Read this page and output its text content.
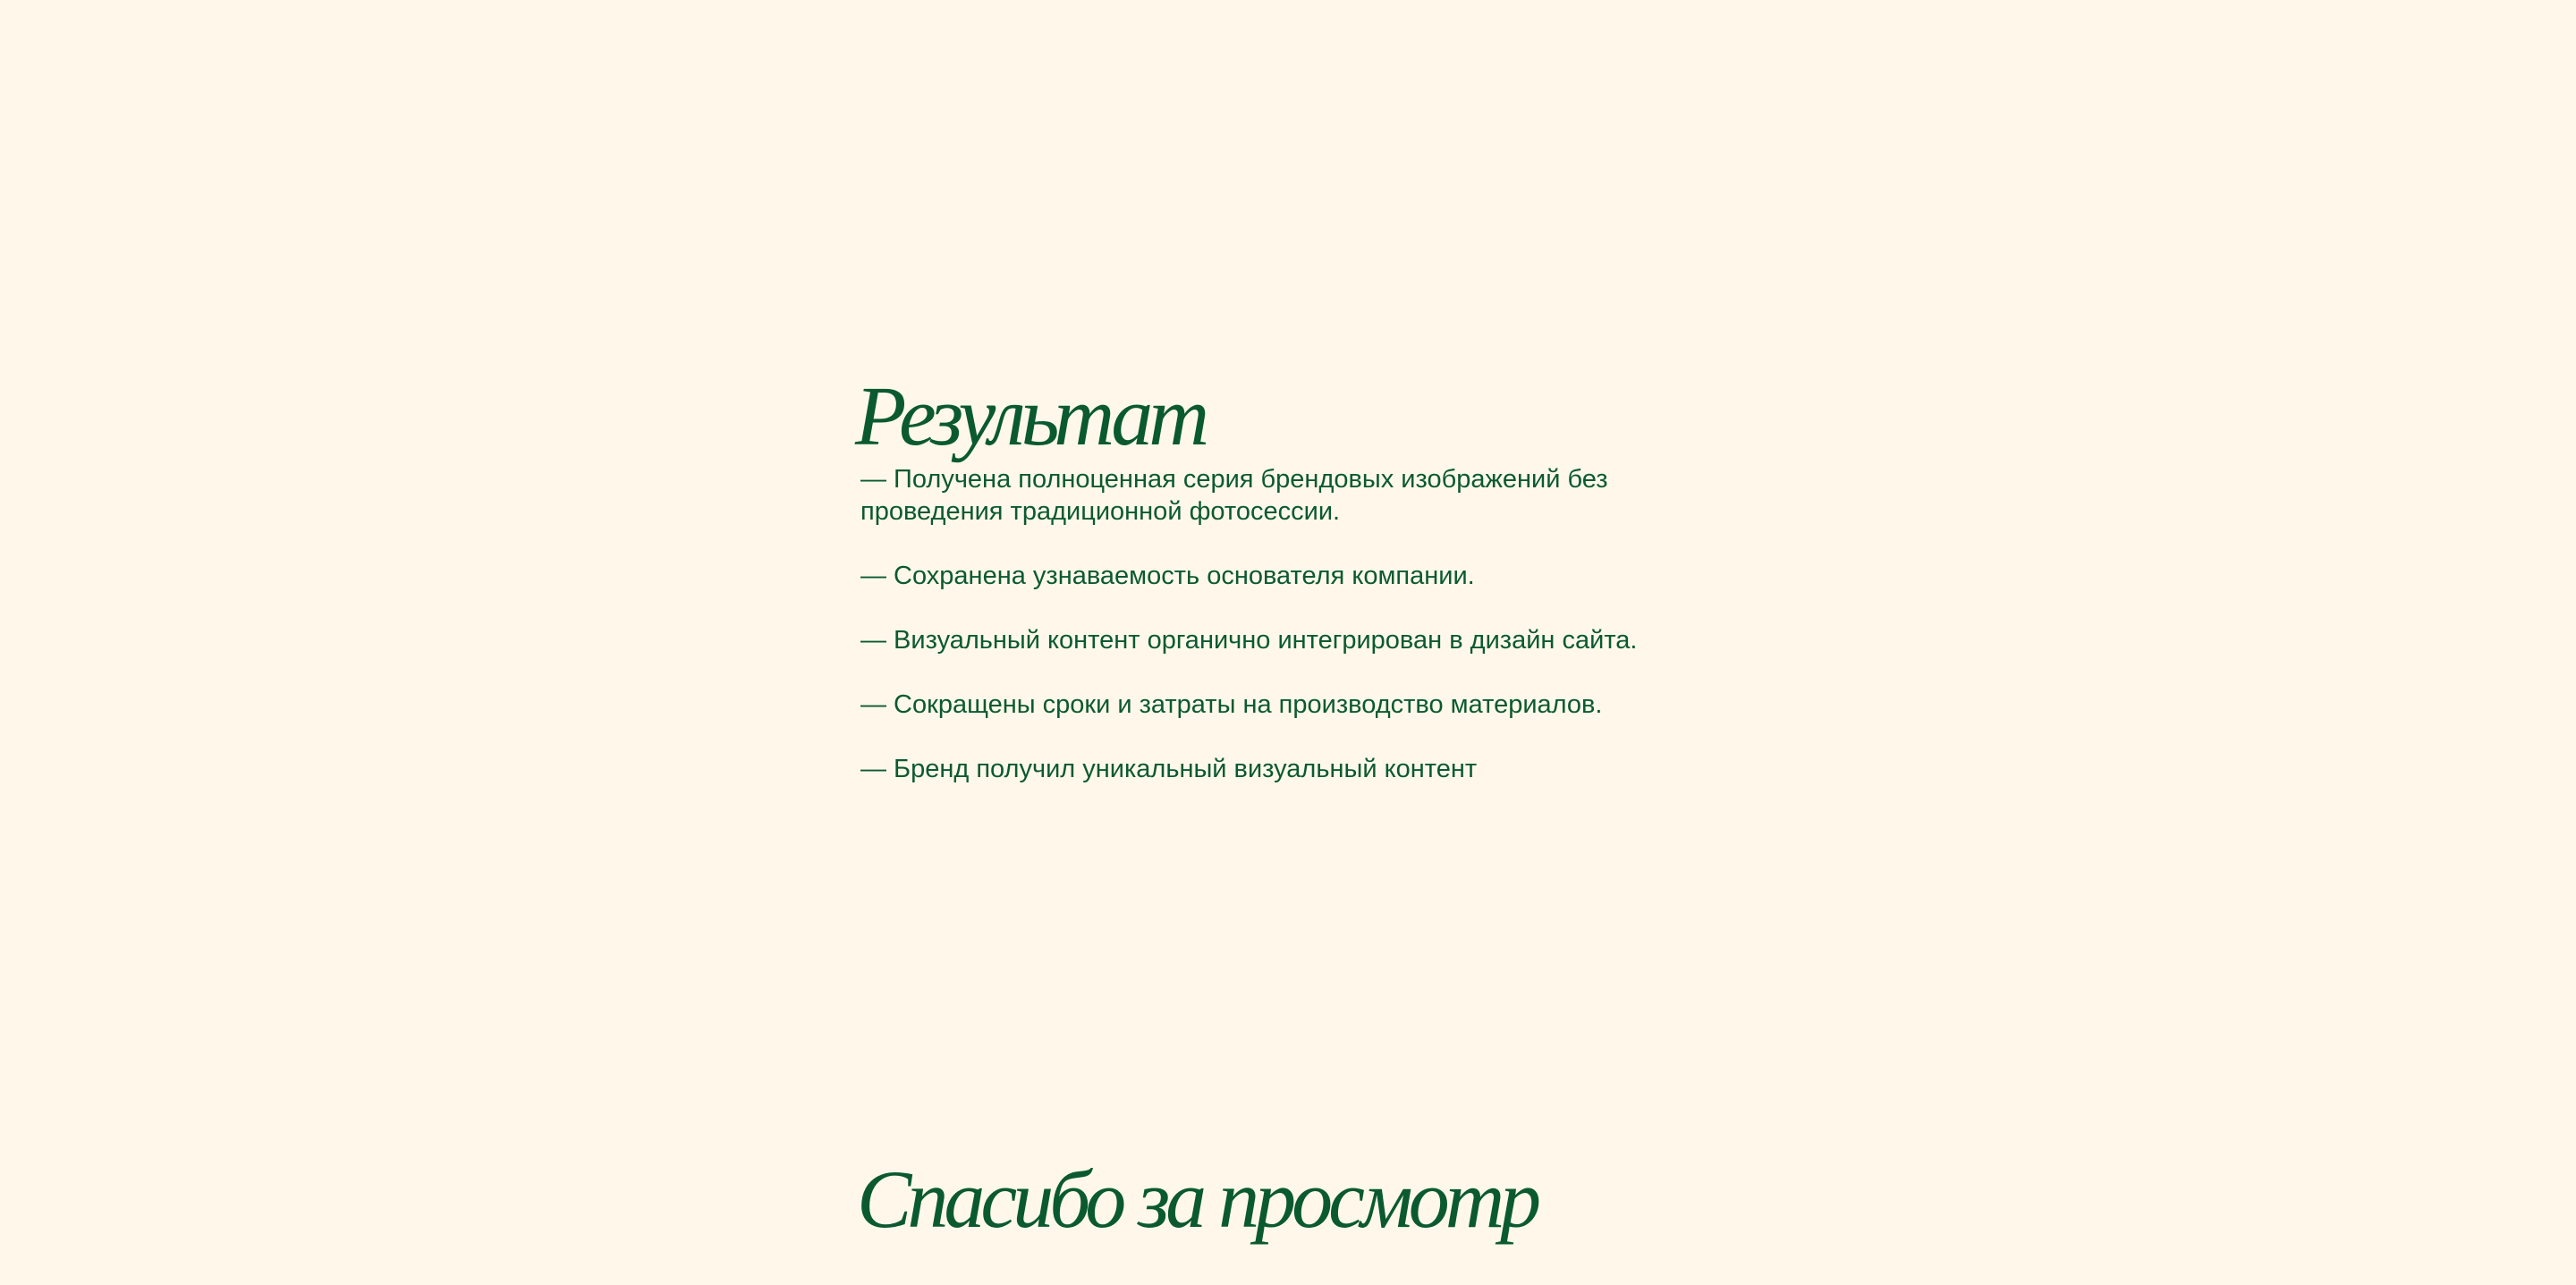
Результат
— Получена полноценная серия брендовых изображений без проведения традиционной фотосессии.
— Сохранена узнаваемость основателя компании.
— Визуальный контент органично интегрирован в дизайн сайта.
— Сокращены сроки и затраты на производство материалов.
— Бренд получил уникальный визуальный контент
Спасибо за просмотр
